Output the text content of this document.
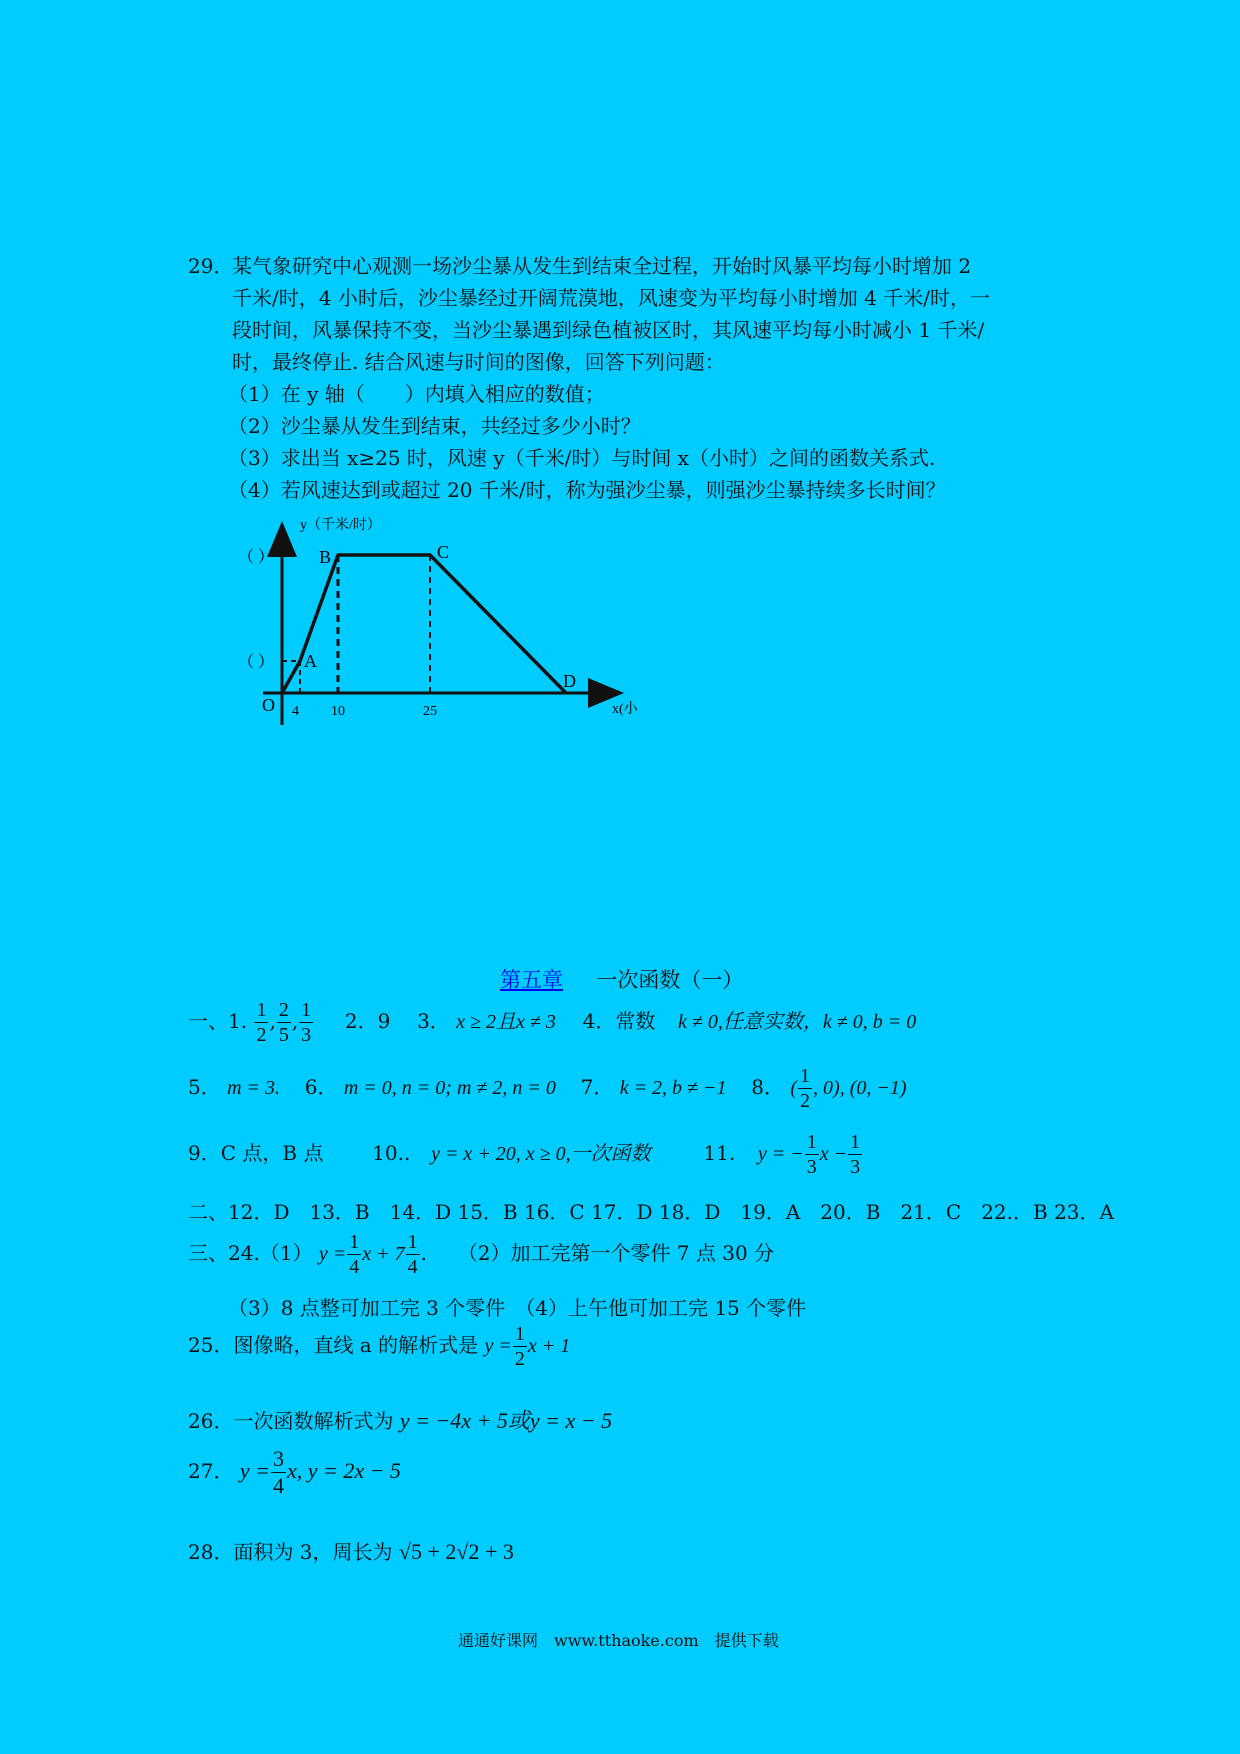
29．
某气象研究中心观测一场沙尘暴从发生到结束全过程，开始时风暴平均每小时增加 2
千米/时，4 小时后，沙尘暴经过开阔荒漠地，风速变为平均每小时增加 4 千米/时，一
段时间，风暴保持不变，当沙尘暴遇到绿色植被区时，其风速平均每小时减小 1 千米/
时，最终停止. 结合风速与时间的图像，回答下列问题：
（1）在 y 轴（　　）内填入相应的数值；
（2）沙尘暴从发生到结束，共经过多少小时？
（3）求出当 x≥25 时，风速 y（千米/时）与时间 x（小时）之间的函数关系式.
（4）若风速达到或超过 20 千米/时，称为强沙尘暴，则强沙尘暴持续多长时间？
y（千米/时）
x(小
O
A
B	C
D
4 10	25
（ ）
（ ）
第五章 一次函数（一）
一、1. $\frac{1}{2}$ , $\frac{2}{5}$ , $\frac{1}{3} 2$．9 3． x ≥ 2且x ≠ 3 4．常数 k ≠ 0,任意实数，k ≠ 0, b = 0
5． m = 3. 6． m = 0, n = 0; m ≠ 2, n = 0 7． k = 2, b ≠ −1 8． ( $\frac{1}{2}$ , 0), (0, −1)
9．C 点，B 点 10.. y = x + 20, x ≥ 0,一次函数	11. y = − $\frac{1}{3}$ $x - \frac{1}{3}$
二、12．D　13．B　14．D 15．B 16．C 17．D 18．D　19．A　20．B　21．C　22.．B 23．A
三、24.（1） $y = \frac{1}{4}$ $x + 7 \frac{1}{4}$ . （2）加工完第一个零件 7 点 30 分
（3）8 点整可加工完 3 个零件　（4）上午他可加工完 15 个零件
25．图像略，直线 a 的解析式是 $y = \frac{1}{2}$ x + 1
26．一次函数解析式为 y = −4x + 5或y = x − 5
27． $y = \frac{3}{4} x$, y = 2x − 5
28．面积为 3，周长为 √5 + 2√2 + 3
通通好课网　www.tthaoke.com　提供下载
